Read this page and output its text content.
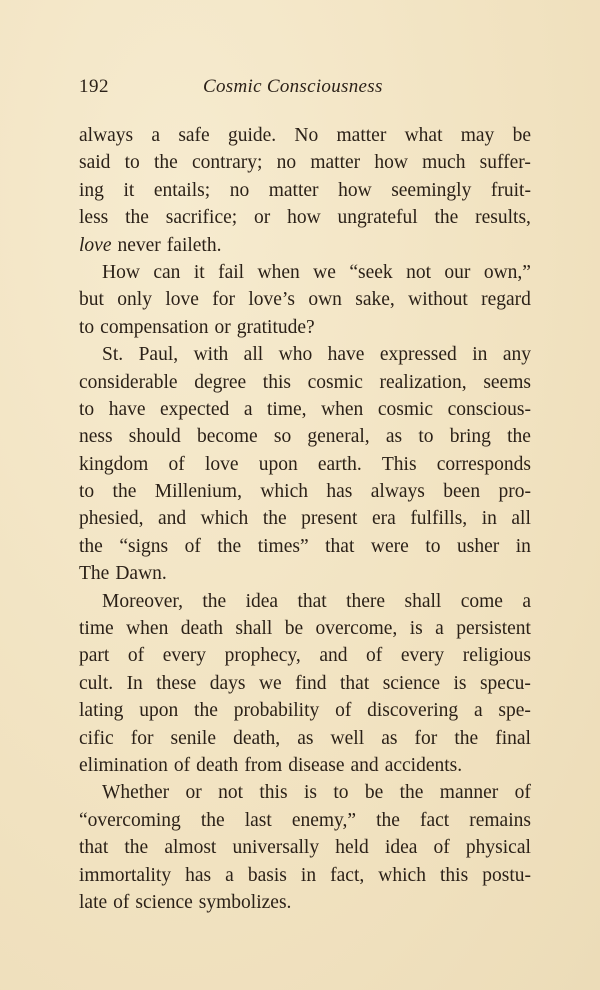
192	Cosmic Consciousness
always a safe guide. No matter what may be
said to the contrary; no matter how much suffer-
ing it entails; no matter how seemingly fruit-
less the sacrifice; or how ungrateful the results,
love never faileth.
How can it fail when we “seek not our own,”
but only love for love’s own sake, without regard
to compensation or gratitude?
St. Paul, with all who have expressed in any
considerable degree this cosmic realization, seems
to have expected a time, when cosmic conscious-
ness should become so general, as to bring the
kingdom of love upon earth. This corresponds
to the Millenium, which has always been pro-
phesied, and which the present era fulfills, in all
the “signs of the times” that were to usher in
The Dawn.
Moreover, the idea that there shall come a
time when death shall be overcome, is a persistent
part of every prophecy, and of every religious
cult. In these days we find that science is specu-
lating upon the probability of discovering a spe-
cific for senile death, as well as for the final
elimination of death from disease and accidents.
Whether or not this is to be the manner of
“overcoming the last enemy,” the fact remains
that the almost universally held idea of physical
immortality has a basis in fact, which this postu-
late of science symbolizes.
